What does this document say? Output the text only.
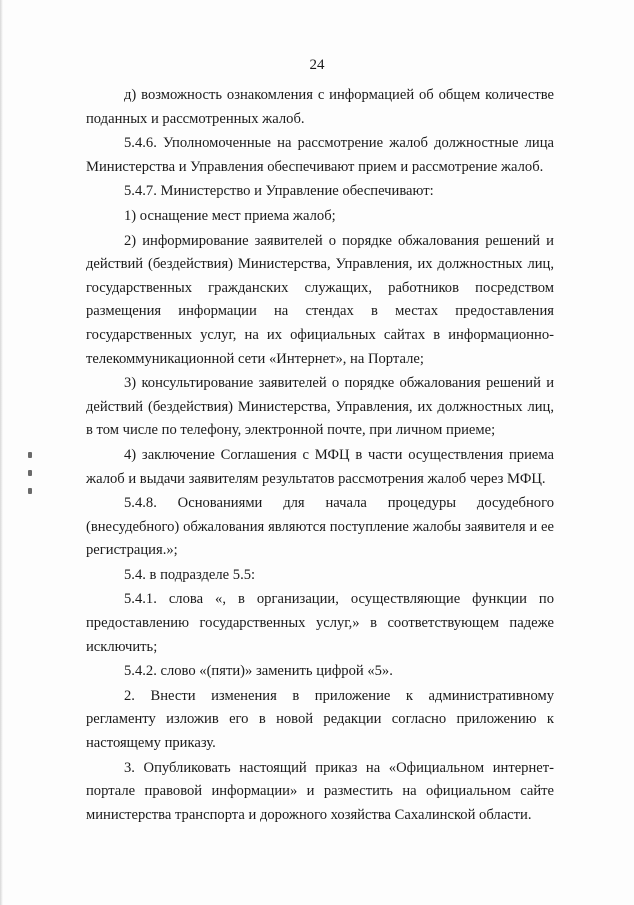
24

д) возможность ознакомления с информацией об общем количестве поданных и рассмотренных жалоб.

5.4.6. Уполномоченные на рассмотрение жалоб должностные лица Министерства и Управления обеспечивают прием и рассмотрение жалоб.

5.4.7. Министерство и Управление обеспечивают:

1) оснащение мест приема жалоб;

2) информирование заявителей о порядке обжалования решений и действий (бездействия) Министерства, Управления, их должностных лиц, государственных гражданских служащих, работников посредством размещения информации на стендах в местах предоставления государственных услуг, на их официальных сайтах в информационно-телекоммуникационной сети «Интернет», на Портале;

3) консультирование заявителей о порядке обжалования решений и действий (бездействия) Министерства, Управления, их должностных лиц, в том числе по телефону, электронной почте, при личном приеме;

4) заключение Соглашения с МФЦ в части осуществления приема жалоб и выдачи заявителям результатов рассмотрения жалоб через МФЦ.

5.4.8. Основаниями для начала процедуры досудебного (внесудебного) обжалования являются поступление жалобы заявителя и ее регистрация.»;

5.4. в подразделе 5.5:

5.4.1. слова «, в организации, осуществляющие функции по предоставлению государственных услуг,» в соответствующем падеже исключить;

5.4.2. слово «(пяти)» заменить цифрой «5».

2. Внести изменения в приложение к административному регламенту изложив его в новой редакции согласно приложению к настоящему приказу.

3. Опубликовать настоящий приказ на «Официальном интернет-портале правовой информации» и разместить на официальном сайте министерства транспорта и дорожного хозяйства Сахалинской области.
